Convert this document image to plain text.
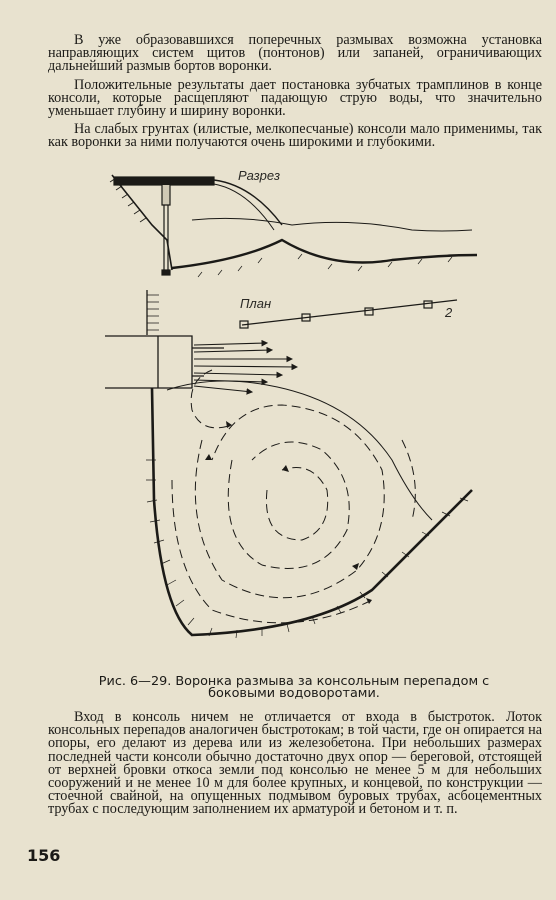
В уже образовавшихся поперечных размывах возможна установка направляющих систем щитов (понтонов) или запаней, ограничивающих дальнейший размыв бортов воронки.

Положительные результаты дает постановка зубчатых трамплинов в конце консоли, которые расщепляют падающую струю воды, что значительно уменьшает глубину и ширину воронки.

На слабых грунтах (илистые, мелкопесчаные) консоли мало применимы, так как воронки за ними получаются очень широкими и глубокими.

Разрез
План
2
Рис. 6—29. Воронка размыва за консольным перепадом с боковыми водоворотами.

Вход в консоль ничем не отличается от входа в быстроток. Лоток консольных перепадов аналогичен быстротокам; в той части, где он опирается на опоры, его делают из дерева или из железобетона. При небольших размерах последней части консоли обычно достаточно двух опор — береговой, отстоящей от верхней бровки откоса земли под консолью не менее 5 м для небольших сооружений и не менее 10 м для более крупных, и концевой, по конструкции — стоечной свайной, на опущенных подмывом буровых трубах, асбоцементных трубах с последующим заполнением их арматурой и бетоном и т. п.

156
